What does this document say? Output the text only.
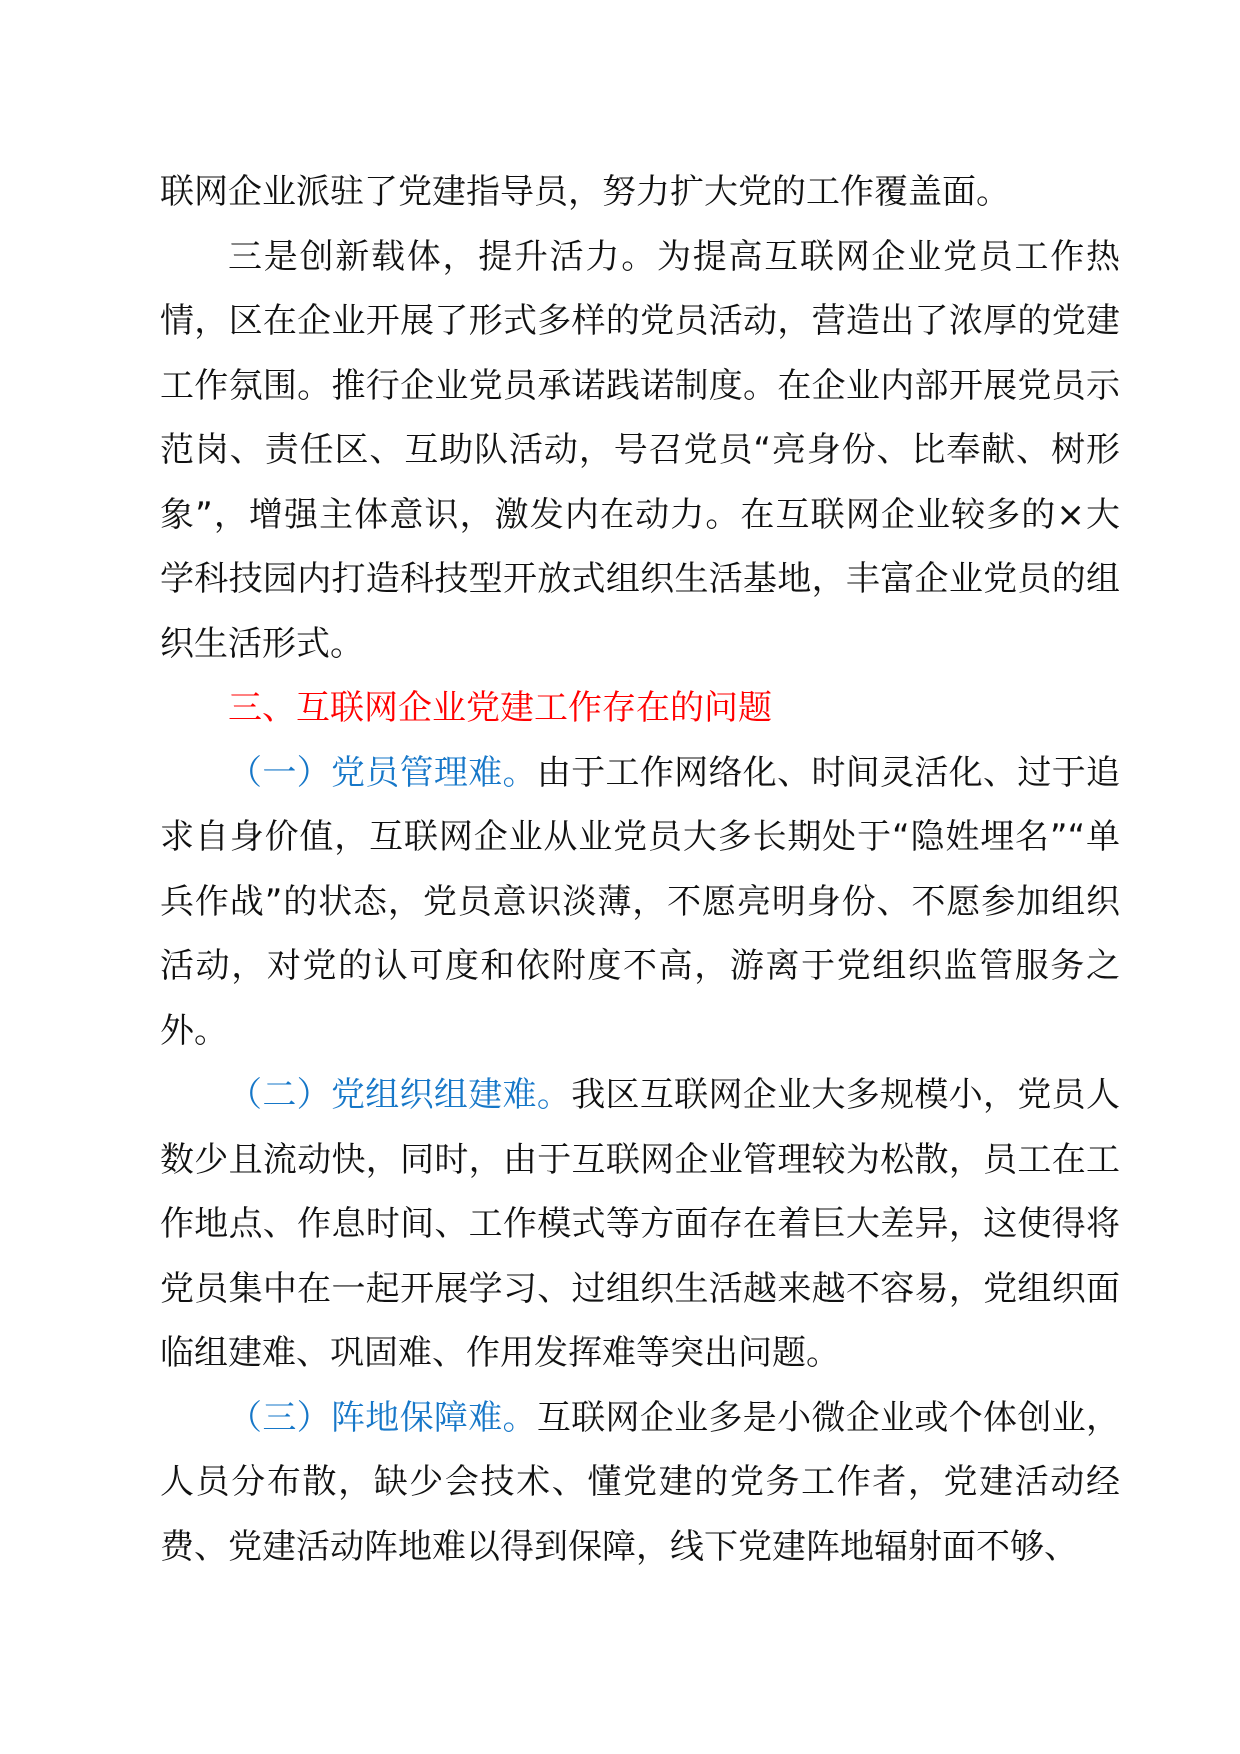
联网企业派驻了党建指导员，努力扩大党的工作覆盖面。

三是创新载体，提升活力。为提高互联网企业党员工作热情，区在企业开展了形式多样的党员活动，营造出了浓厚的党建工作氛围。推行企业党员承诺践诺制度。在企业内部开展党员示范岗、责任区、互助队活动，号召党员“亮身份、比奉献、树形象”，增强主体意识，激发内在动力。在互联网企业较多的×大学科技园内打造科技型开放式组织生活基地，丰富企业党员的组织生活形式。

三、互联网企业党建工作存在的问题

（一）党员管理难。由于工作网络化、时间灵活化、过于追求自身价值，互联网企业从业党员大多长期处于“隐姓埋名”“单兵作战”的状态，党员意识淡薄，不愿亮明身份、不愿参加组织活动，对党的认可度和依附度不高，游离于党组织监管服务之外。

（二）党组织组建难。我区互联网企业大多规模小，党员人数少且流动快，同时，由于互联网企业管理较为松散，员工在工作地点、作息时间、工作模式等方面存在着巨大差异，这使得将党员集中在一起开展学习、过组织生活越来越不容易，党组织面临组建难、巩固难、作用发挥难等突出问题。

（三）阵地保障难。互联网企业多是小微企业或个体创业，人员分布散，缺少会技术、懂党建的党务工作者，党建活动经费、党建活动阵地难以得到保障，线下党建阵地辐射面不够、
